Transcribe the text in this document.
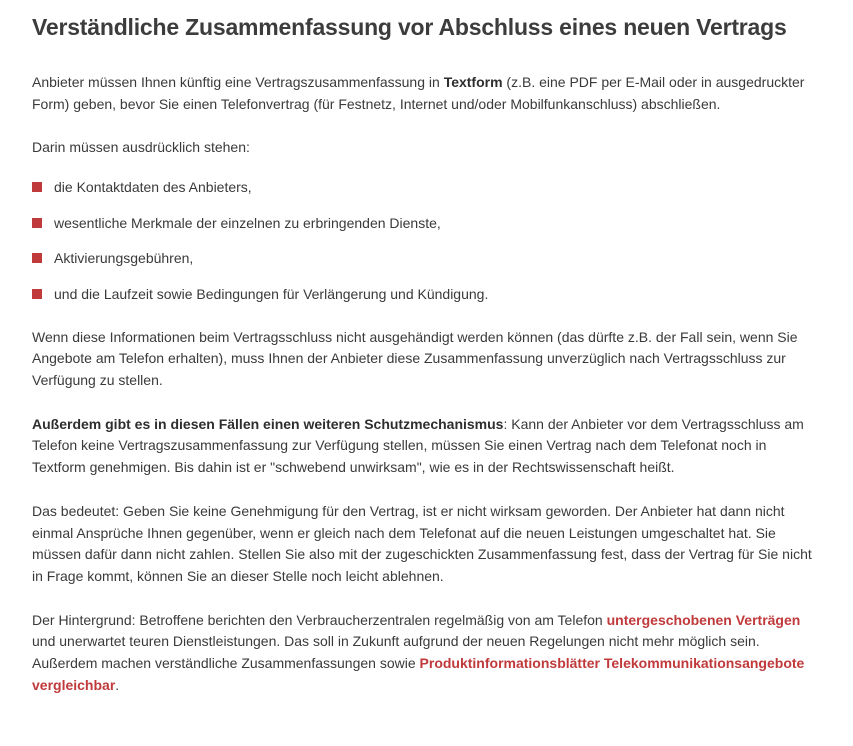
Verständliche Zusammenfassung vor Abschluss eines neuen Vertrags

Anbieter müssen Ihnen künftig eine Vertragszusammenfassung in Textform (z.B. eine PDF per E-Mail oder in ausgedruckter Form) geben, bevor Sie einen Telefonvertrag (für Festnetz, Internet und/oder Mobilfunkanschluss) abschließen.

Darin müssen ausdrücklich stehen:

die Kontaktdaten des Anbieters,
wesentliche Merkmale der einzelnen zu erbringenden Dienste,
Aktivierungsgebühren,
und die Laufzeit sowie Bedingungen für Verlängerung und Kündigung.

Wenn diese Informationen beim Vertragsschluss nicht ausgehändigt werden können (das dürfte z.B. der Fall sein, wenn Sie Angebote am Telefon erhalten), muss Ihnen der Anbieter diese Zusammenfassung unverzüglich nach Vertragsschluss zur Verfügung zu stellen.

Außerdem gibt es in diesen Fällen einen weiteren Schutzmechanismus: Kann der Anbieter vor dem Vertragsschluss am Telefon keine Vertragszusammenfassung zur Verfügung stellen, müssen Sie einen Vertrag nach dem Telefonat noch in Textform genehmigen. Bis dahin ist er "schwebend unwirksam", wie es in der Rechtswissenschaft heißt.

Das bedeutet: Geben Sie keine Genehmigung für den Vertrag, ist er nicht wirksam geworden. Der Anbieter hat dann nicht einmal Ansprüche Ihnen gegenüber, wenn er gleich nach dem Telefonat auf die neuen Leistungen umgeschaltet hat. Sie müssen dafür dann nicht zahlen. Stellen Sie also mit der zugeschickten Zusammenfassung fest, dass der Vertrag für Sie nicht in Frage kommt, können Sie an dieser Stelle noch leicht ablehnen.

Der Hintergrund: Betroffene berichten den Verbraucherzentralen regelmäßig von am Telefon untergeschobenen Verträgen und unerwartet teuren Dienstleistungen. Das soll in Zukunft aufgrund der neuen Regelungen nicht mehr möglich sein. Außerdem machen verständliche Zusammenfassungen sowie Produktinformationsblätter Telekommunikationsangebote vergleichbar.
